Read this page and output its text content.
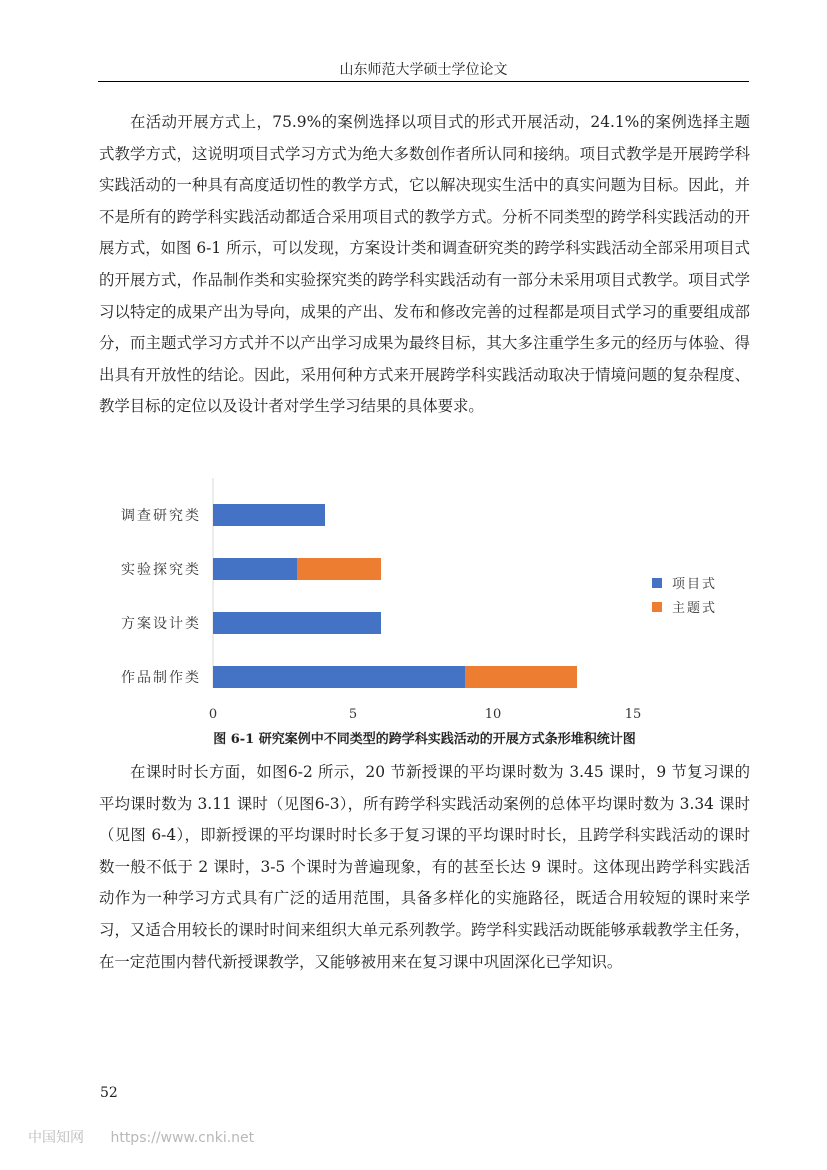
山东师范大学硕士学位论文

在活动开展方式上，75.9%的案例选择以项目式的形式开展活动，24.1%的案例选择主题式教学方式，这说明项目式学习方式为绝大多数创作者所认同和接纳。项目式教学是开展跨学科实践活动的一种具有高度适切性的教学方式，它以解决现实生活中的真实问题为目标。因此，并不是所有的跨学科实践活动都适合采用项目式的教学方式。分析不同类型的跨学科实践活动的开展方式，如图 6-1 所示，可以发现，方案设计类和调查研究类的跨学科实践活动全部采用项目式的开展方式，作品制作类和实验探究类的跨学科实践活动有一部分未采用项目式教学。项目式学习以特定的成果产出为导向，成果的产出、发布和修改完善的过程都是项目式学习的重要组成部分，而主题式学习方式并不以产出学习成果为最终目标，其大多注重学生多元的经历与体验、得出具有开放性的结论。因此，采用何种方式来开展跨学科实践活动取决于情境问题的复杂程度、教学目标的定位以及设计者对学生学习结果的具体要求。

调查研究类
实验探究类
方案设计类
作品制作类
0	5	10	15
项目式
主题式
图 6-1 研究案例中不同类型的跨学科实践活动的开展方式条形堆积统计图

在课时时长方面，如图6-2 所示，20 节新授课的平均课时数为 3.45 课时，9 节复习课的平均课时数为 3.11 课时（见图6-3），所有跨学科实践活动案例的总体平均课时数为 3.34 课时（见图 6-4），即新授课的平均课时时长多于复习课的平均课时时长，且跨学科实践活动的课时数一般不低于 2 课时，3-5 个课时为普遍现象，有的甚至长达 9 课时。这体现出跨学科实践活动作为一种学习方式具有广泛的适用范围，具备多样化的实施路径，既适合用较短的课时来学习，又适合用较长的课时时间来组织大单元系列教学。跨学科实践活动既能够承载教学主任务，在一定范围内替代新授课教学，又能够被用来在复习课中巩固深化已学知识。

52
中国知网 https://www.cnki.net
